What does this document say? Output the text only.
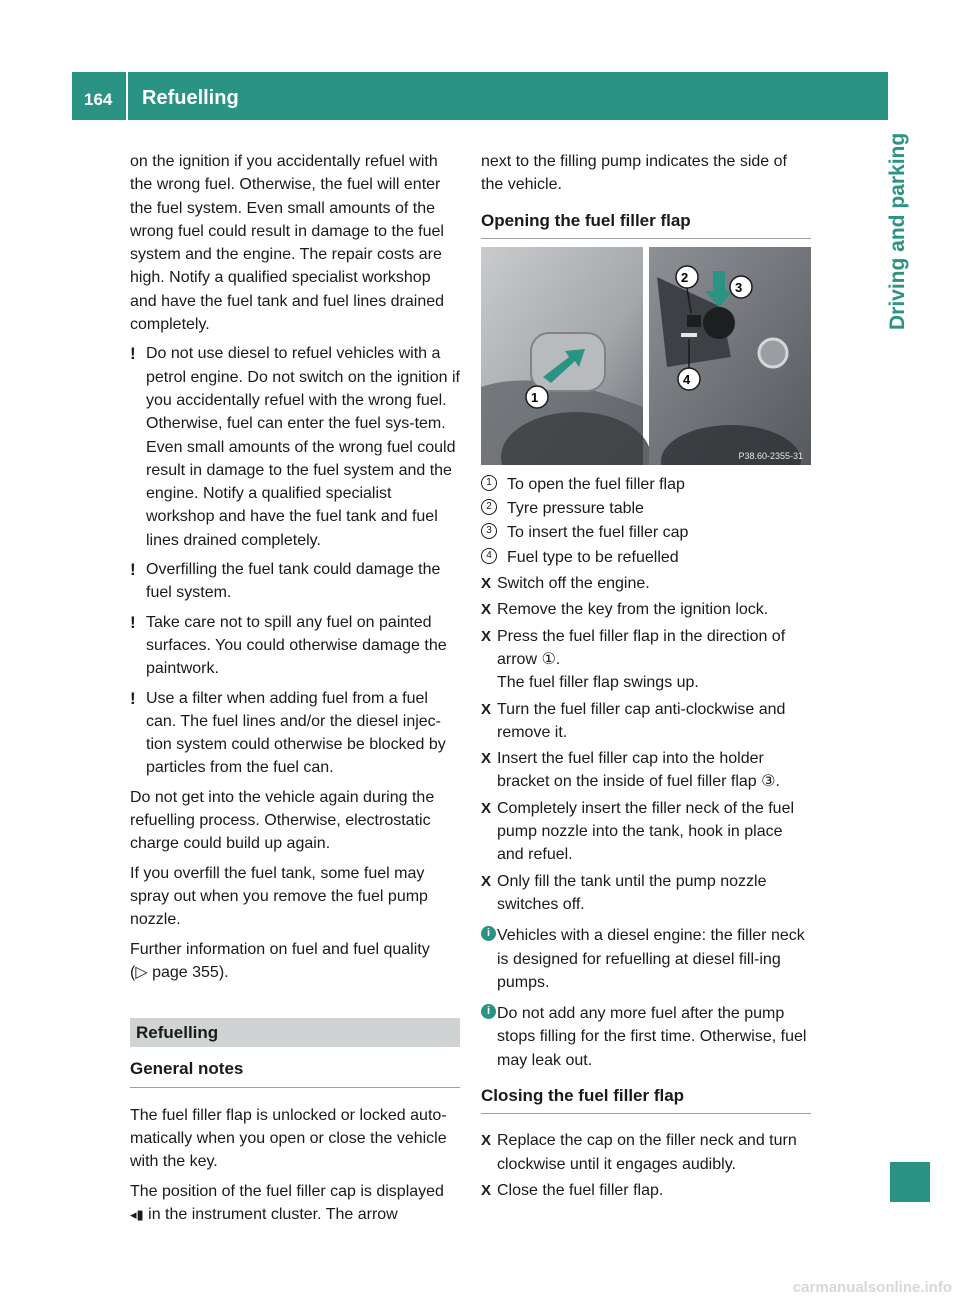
164 Refuelling
Driving and parking

on the ignition if you accidentally refuel with the wrong fuel. Otherwise, the fuel will enter the fuel system. Even small amounts of the wrong fuel could result in damage to the fuel system and the engine. The repair costs are high. Notify a qualified specialist workshop and have the fuel tank and fuel lines drained completely.

! Do not use diesel to refuel vehicles with a petrol engine. Do not switch on the ignition if you accidentally refuel with the wrong fuel. Otherwise, fuel can enter the fuel sys-tem. Even small amounts of the wrong fuel could result in damage to the fuel system and the engine. Notify a qualified specialist workshop and have the fuel tank and fuel lines drained completely.
! Overfilling the fuel tank could damage the fuel system.
! Take care not to spill any fuel on painted surfaces. You could otherwise damage the paintwork.
! Use a filter when adding fuel from a fuel can. The fuel lines and/or the diesel injec-tion system could otherwise be blocked by particles from the fuel can.

Do not get into the vehicle again during the refuelling process. Otherwise, electrostatic charge could build up again.

If you overfill the fuel tank, some fuel may spray out when you remove the fuel pump nozzle.

Further information on fuel and fuel quality
(▷ page 355).

Refuelling
General notes

The fuel filler flap is unlocked or locked auto-matically when you open or close the vehicle with the key.

The position of the fuel filler cap is displayed ◂▮ in the instrument cluster. The arrow

next to the filling pump indicates the side of the vehicle.

Opening the fuel filler flap
1
2
3
4
P38.60-2355-31
1 To open the fuel filler flap
2 Tyre pressure table
3 To insert the fuel filler cap
4 Fuel type to be refuelled
X Switch off the engine.
X Remove the key from the ignition lock.
X Press the fuel filler flap in the direction of arrow ①.
The fuel filler flap swings up.
X Turn the fuel filler cap anti-clockwise and remove it.
X Insert the fuel filler cap into the holder bracket on the inside of fuel filler flap ③.
X Completely insert the filler neck of the fuel pump nozzle into the tank, hook in place and refuel.
X Only fill the tank until the pump nozzle switches off.
i Vehicles with a diesel engine: the filler neck is designed for refuelling at diesel fill-ing pumps.
i Do not add any more fuel after the pump stops filling for the first time. Otherwise, fuel may leak out.
Closing the fuel filler flap
X Replace the cap on the filler neck and turn clockwise until it engages audibly.
X Close the fuel filler flap.
carmanualsonline.info
